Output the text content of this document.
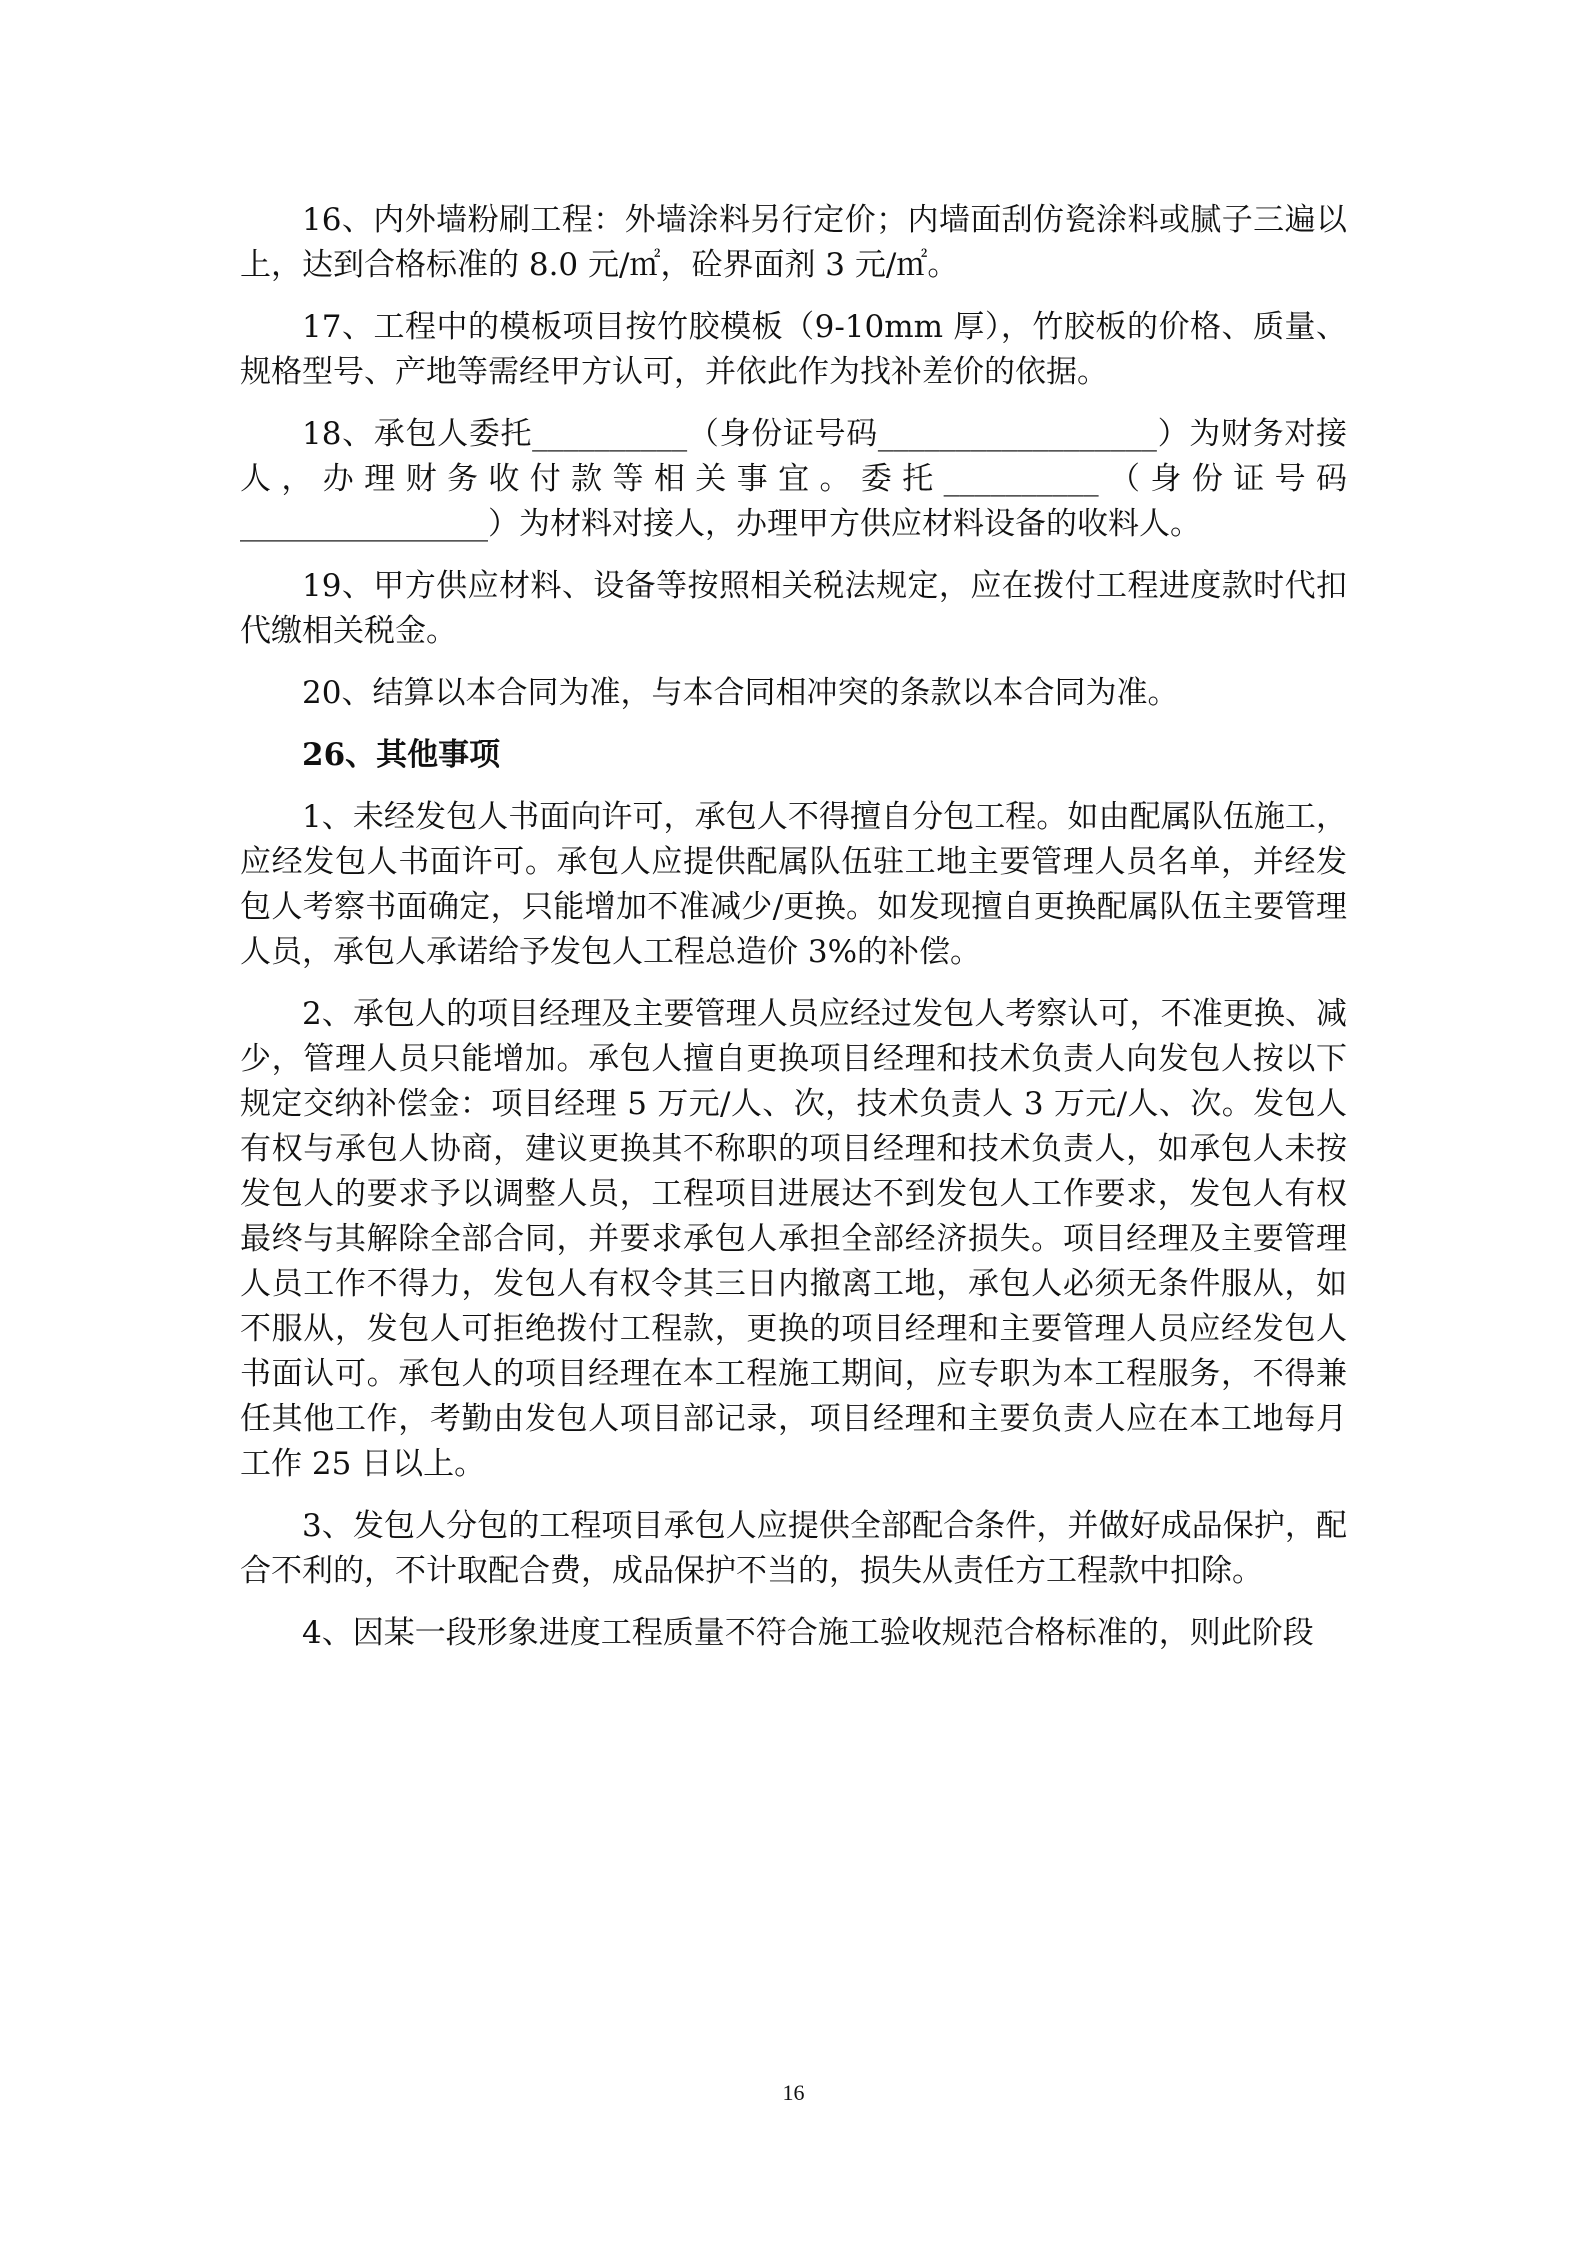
16、内外墙粉刷工程：外墙涂料另行定价；内墙面刮仿瓷涂料或腻子三遍以上，达到合格标准的 8.0 元/㎡，砼界面剂 3 元/㎡。

17、工程中的模板项目按竹胶模板（9-10mm 厚），竹胶板的价格、质量、规格型号、产地等需经甲方认可，并依此作为找补差价的依据。

18、承包人委托__________（身份证号码__________________）为财务对接人，办理财务收付款等相关事宜。委托__________（身份证号码________________）为材料对接人，办理甲方供应材料设备的收料人。

19、甲方供应材料、设备等按照相关税法规定，应在拨付工程进度款时代扣代缴相关税金。

20、结算以本合同为准，与本合同相冲突的条款以本合同为准。

26、其他事项

1、未经发包人书面向许可，承包人不得擅自分包工程。如由配属队伍施工，应经发包人书面许可。承包人应提供配属队伍驻工地主要管理人员名单，并经发包人考察书面确定，只能增加不准减少/更换。如发现擅自更换配属队伍主要管理人员，承包人承诺给予发包人工程总造价 3%的补偿。

2、承包人的项目经理及主要管理人员应经过发包人考察认可，不准更换、减少，管理人员只能增加。承包人擅自更换项目经理和技术负责人向发包人按以下规定交纳补偿金：项目经理 5 万元/人、次，技术负责人 3 万元/人、次。发包人有权与承包人协商，建议更换其不称职的项目经理和技术负责人，如承包人未按发包人的要求予以调整人员，工程项目进展达不到发包人工作要求，发包人有权最终与其解除全部合同，并要求承包人承担全部经济损失。项目经理及主要管理人员工作不得力，发包人有权令其三日内撤离工地，承包人必须无条件服从，如不服从，发包人可拒绝拨付工程款，更换的项目经理和主要管理人员应经发包人书面认可。承包人的项目经理在本工程施工期间，应专职为本工程服务，不得兼任其他工作，考勤由发包人项目部记录，项目经理和主要负责人应在本工地每月工作 25 日以上。

3、发包人分包的工程项目承包人应提供全部配合条件，并做好成品保护，配合不利的，不计取配合费，成品保护不当的，损失从责任方工程款中扣除。

4、因某一段形象进度工程质量不符合施工验收规范合格标准的，则此阶段

16
